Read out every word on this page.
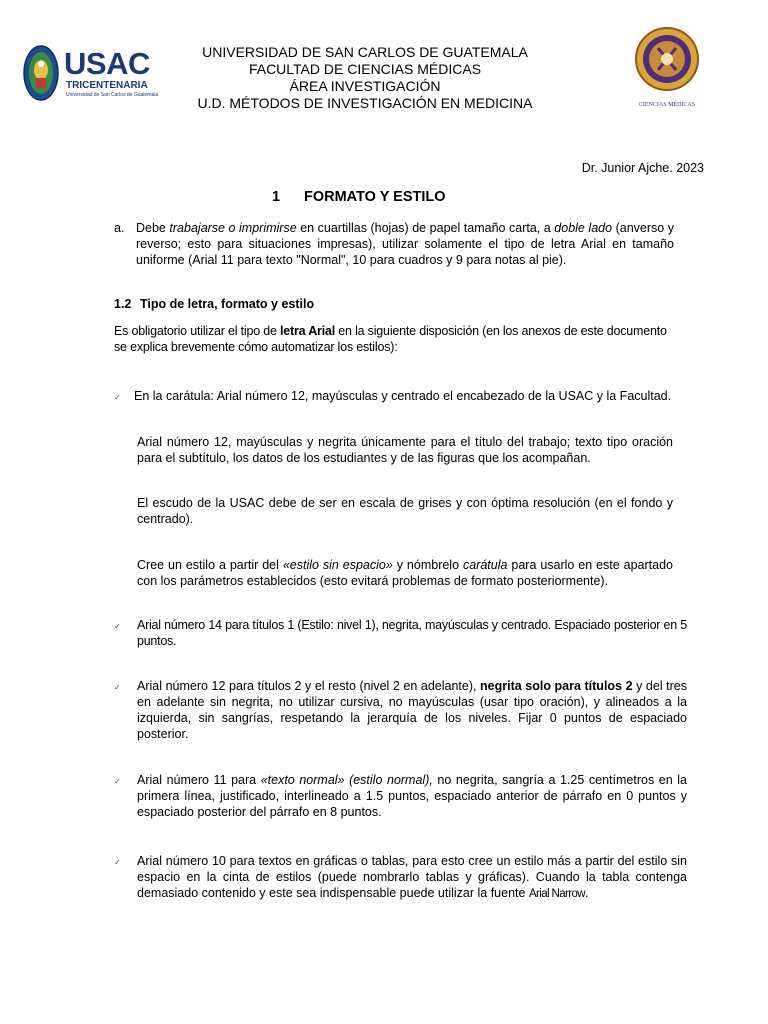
USAC
TRICENTENARIA
Universidad de San Carlos de Guatemala
UNIVERSIDAD DE SAN CARLOS DE GUATEMALA
FACULTAD DE CIENCIAS MÉDICAS
ÁREA INVESTIGACIÓN
U.D. MÉTODOS DE INVESTIGACIÓN EN MEDICINA	CIENCIAS MÉDICAS
Dr. Junior Ajche. 2023
1 FORMATO Y ESTILO
a. Debe trabajarse o imprimirse en cuartillas (hojas) de papel tamaño carta, a doble lado (anverso y reverso; esto para situaciones impresas), utilizar solamente el tipo de letra Arial en tamaño uniforme (Arial 11 para texto "Normal", 10 para cuadros y 9 para notas al pie).
1.2 Tipo de letra, formato y estilo
Es obligatorio utilizar el tipo de letra Arial en la siguiente disposición (en los anexos de este documento se explica brevemente cómo automatizar los estilos):
✓ En la carátula: Arial número 12, mayúsculas y centrado el encabezado de la USAC y la Facultad.
Arial número 12, mayúsculas y negrita únicamente para el título del trabajo; texto tipo oración para el subtítulo, los datos de los estudiantes y de las figuras que los acompañan.
El escudo de la USAC debe de ser en escala de grises y con óptima resolución (en el fondo y centrado).
Cree un estilo a partir del «estilo sin espacio» y nómbrelo carátula para usarlo en este apartado con los parámetros establecidos (esto evitará problemas de formato posteriormente).
✓ Arial número 14 para títulos 1 (Estilo: nivel 1), negrita, mayúsculas y centrado. Espaciado posterior en 5 puntos.
✓ Arial número 12 para títulos 2 y el resto (nivel 2 en adelante), negrita solo para títulos 2 y del tres en adelante sin negrita, no utilizar cursiva, no mayúsculas (usar tipo oración), y alineados a la izquierda, sin sangrías, respetando la jerarquía de los niveles. Fijar 0 puntos de espaciado posterior.
✓ Arial número 11 para «texto normal» (estilo normal), no negrita, sangría a 1.25 centímetros en la primera línea, justificado, interlineado a 1.5 puntos, espaciado anterior de párrafo en 0 puntos y espaciado posterior del párrafo en 8 puntos.
✓ Arial número 10 para textos en gráficas o tablas, para esto cree un estilo más a partir del estilo sin espacio en la cinta de estilos (puede nombrarlo tablas y gráficas). Cuando la tabla contenga demasiado contenido y este sea indispensable puede utilizar la fuente Arial Narrow.
